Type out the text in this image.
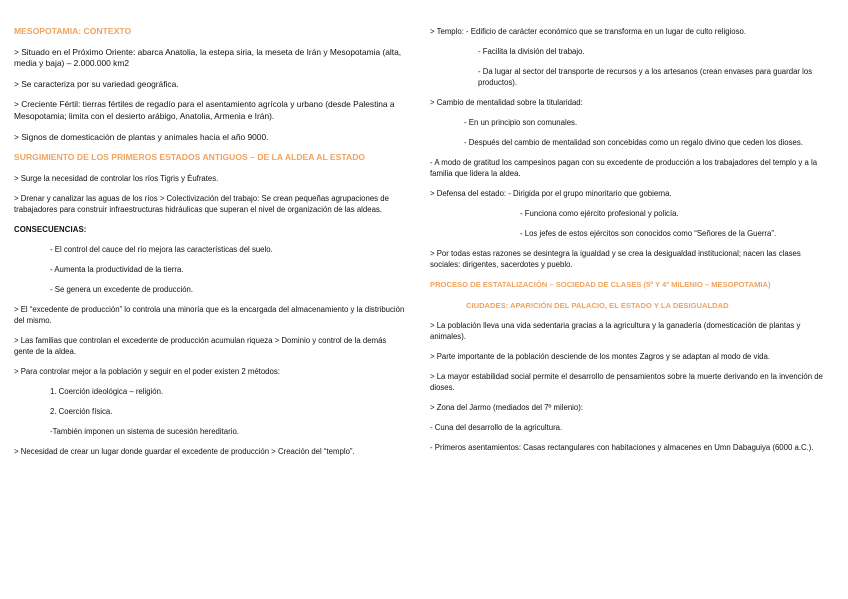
MESOPOTAMIA: CONTEXTO

> Situado en el Próximo Oriente: abarca Anatolia, la estepa siria, la meseta de Irán y Mesopotamia (alta, media y baja) – 2.000.000 km2

> Se caracteriza por su variedad geográfica.

> Creciente Fértil: tierras fértiles de regadío para el asentamiento agrícola y urbano (desde Palestina a Mesopotamia; limita con el desierto arábigo, Anatolia, Armenia e Irán).

> Signos de domesticación de plantas y animales hacia el año 9000.

SURGIMIENTO DE LOS PRIMEROS ESTADOS ANTIGUOS – DE LA ALDEA AL ESTADO

> Surge la necesidad de controlar los ríos Tigris y Éufrates.

> Drenar y canalizar las aguas de los ríos > Colectivización del trabajo: Se crean pequeñas agrupaciones de trabajadores para construir infraestructuras hidráulicas que superan el nivel de organización de las aldeas.

CONSECUENCIAS:

- El control del cauce del río mejora las características del suelo.

- Aumenta la productividad de la tierra.

- Se genera un excedente de producción.

> El “excedente de producción” lo controla una minoría que es la encargada del almacenamiento y la distribución del mismo.

> Las familias que controlan el excedente de producción acumulan riqueza > Dominio y control de la demás gente de la aldea.

> Para controlar mejor a la población y seguir en el poder existen 2 métodos:

1. Coerción ideológica – religión.

2. Coerción física.

-También imponen un sistema de sucesión hereditario.

> Necesidad de crear un lugar donde guardar el excedente de producción > Creación del “templo”.

> Templo: - Edificio de carácter económico que se transforma en un lugar de culto religioso.

- Facilita la división del trabajo.

- Da lugar al sector del transporte de recursos y a los artesanos (crean envases para guardar los productos).

> Cambio de mentalidad sobre la titularidad:

- En un principio son comunales.

- Después del cambio de mentalidad son concebidas como un regalo divino que ceden los dioses.

- A modo de gratitud los campesinos pagan con su excedente de producción a los trabajadores del templo y a la familia que lidera la aldea.

> Defensa del estado: - Dirigida por el grupo minoritario que gobierna.

- Funciona como ejército profesional y policía.

- Los jefes de estos ejércitos son conocidos como “Señores de la Guerra”.

> Por todas estas razones se desintegra la igualdad y se crea la desigualdad institucional; nacen las clases sociales: dirigentes, sacerdotes y pueblo.

PROCESO DE ESTATALIZACIÓN – SOCIEDAD DE CLASES (5º Y 4º MILENIO – MESOPOTAMIA)

CIUDADES: APARICIÓN DEL PALACIO, EL ESTADO Y LA DESIGUALDAD

> La población lleva una vida sedentaria gracias a la agricultura y la ganadería (domesticación de plantas y animales).

> Parte importante de la población desciende de los montes Zagros y se adaptan al modo de vida.

> La mayor estabilidad social permite el desarrollo de pensamientos sobre la muerte derivando en la invención de dioses.

> Zona del Jarmo (mediados del 7º milenio):

- Cuna del desarrollo de la agricultura.

- Primeros asentamientos: Casas rectangulares con habitaciones y almacenes en Umn Dabaguiya (6000 a.C.).
